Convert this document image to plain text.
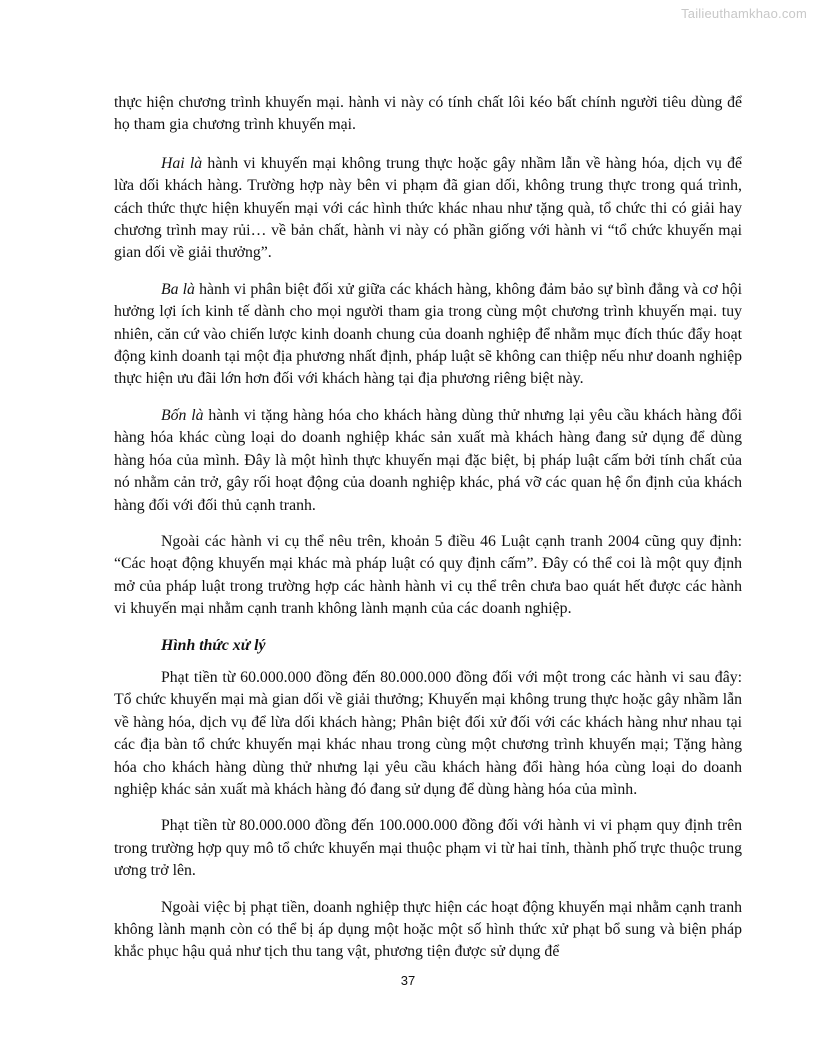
Tailieuthamkhao.com

thực hiện chương trình khuyến mại. hành vi này có tính chất lôi kéo bất chính người tiêu dùng để họ tham gia chương trình khuyến mại.

Hai là hành vi khuyến mại không trung thực hoặc gây nhầm lẫn về hàng hóa, dịch vụ để lừa dối khách hàng. Trường hợp này bên vi phạm đã gian dối, không trung thực trong quá trình, cách thức thực hiện khuyến mại với các hình thức khác nhau như tặng quà, tổ chức thi có giải hay chương trình may rủi… về bản chất, hành vi này có phần giống với hành vi “tổ chức khuyến mại gian dối về giải thưởng”.

Ba là hành vi phân biệt đối xử giữa các khách hàng, không đảm bảo sự bình đẳng và cơ hội hưởng lợi ích kinh tế dành cho mọi người tham gia trong cùng một chương trình khuyến mại. tuy nhiên, căn cứ vào chiến lược kinh doanh chung của doanh nghiệp để nhằm mục đích thúc đẩy hoạt động kinh doanh tại một địa phương nhất định, pháp luật sẽ không can thiệp nếu như doanh nghiệp thực hiện ưu đãi lớn hơn đối với khách hàng tại địa phương riêng biệt này.

Bốn là hành vi tặng hàng hóa cho khách hàng dùng thử nhưng lại yêu cầu khách hàng đổi hàng hóa khác cùng loại do doanh nghiệp khác sản xuất mà khách hàng đang sử dụng để dùng hàng hóa của mình. Đây là một hình thực khuyến mại đặc biệt, bị pháp luật cấm bởi tính chất của nó nhằm cản trở, gây rối hoạt động của doanh nghiệp khác, phá vỡ các quan hệ ổn định của khách hàng đối với đối thủ cạnh tranh.

Ngoài các hành vi cụ thể nêu trên, khoản 5 điều 46 Luật cạnh tranh 2004 cũng quy định: “Các hoạt động khuyến mại khác mà pháp luật có quy định cấm”. Đây có thể coi là một quy định mở của pháp luật trong trường hợp các hành hành vi cụ thể trên chưa bao quát hết được các hành vi khuyến mại nhằm cạnh tranh không lành mạnh của các doanh nghiệp.

Hình thức xử lý

Phạt tiền từ 60.000.000 đồng đến 80.000.000 đồng đối với một trong các hành vi sau đây: Tổ chức khuyến mại mà gian dối về giải thưởng; Khuyến mại không trung thực hoặc gây nhầm lẫn về hàng hóa, dịch vụ để lừa dối khách hàng; Phân biệt đối xử đối với các khách hàng như nhau tại các địa bàn tổ chức khuyến mại khác nhau trong cùng một chương trình khuyến mại; Tặng hàng hóa cho khách hàng dùng thử nhưng lại yêu cầu khách hàng đổi hàng hóa cùng loại do doanh nghiệp khác sản xuất mà khách hàng đó đang sử dụng để dùng hàng hóa của mình.

Phạt tiền từ 80.000.000 đồng đến 100.000.000 đồng đối với hành vi vi phạm quy định trên trong trường hợp quy mô tổ chức khuyến mại thuộc phạm vi từ hai tỉnh, thành phố trực thuộc trung ương trở lên.

Ngoài việc bị phạt tiền, doanh nghiệp thực hiện các hoạt động khuyến mại nhằm cạnh tranh không lành mạnh còn có thể bị áp dụng một hoặc một số hình thức xử phạt bổ sung và biện pháp khắc phục hậu quả như tịch thu tang vật, phương tiện được sử dụng để

37
